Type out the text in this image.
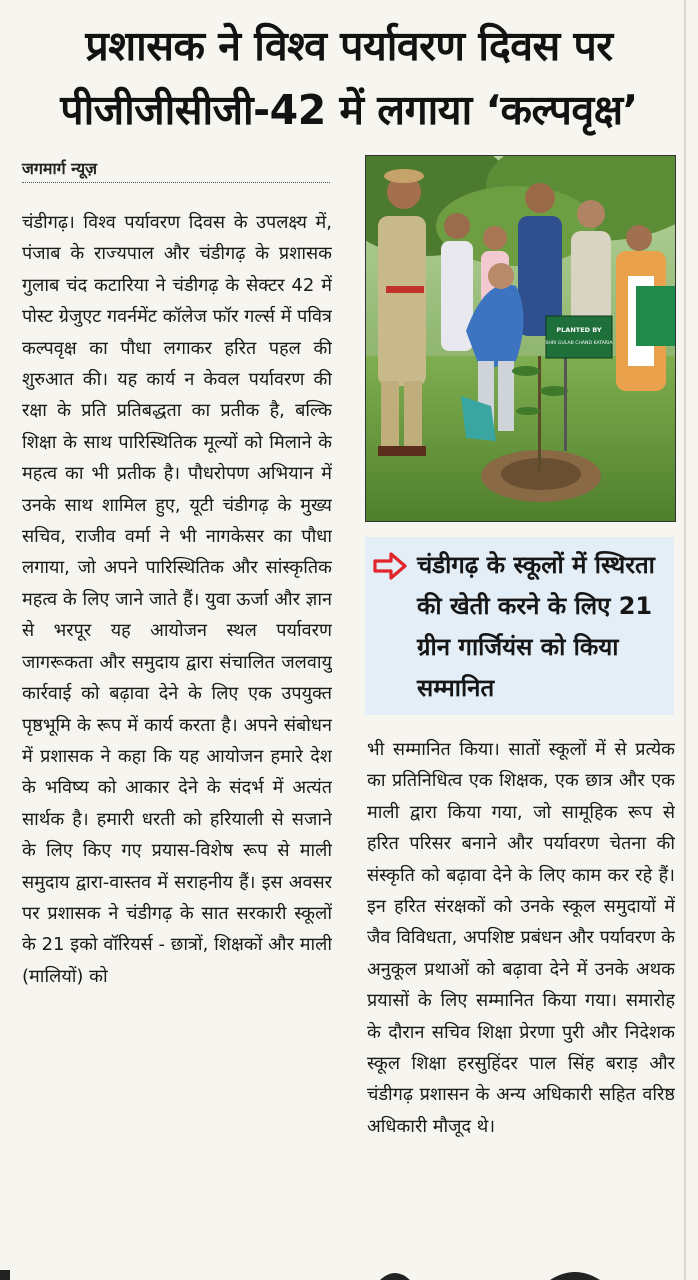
प्रशासक ने विश्व पर्यावरण दिवस पर
पीजीजीसीजी-42 में लगाया ‘कल्पवृक्ष’
जगमार्ग न्यूज़

चंडीगढ़। विश्व पर्यावरण दिवस के उपलक्ष्य में, पंजाब के राज्यपाल और चंडीगढ़ के प्रशासक गुलाब चंद कटारिया ने चंडीगढ़ के सेक्टर 42 में पोस्ट ग्रेजुएट गवर्नमेंट कॉलेज फॉर गर्ल्स में पवित्र कल्पवृक्ष का पौधा लगाकर हरित पहल की शुरुआत की। यह कार्य न केवल पर्यावरण की रक्षा के प्रति प्रतिबद्धता का प्रतीक है, बल्कि शिक्षा के साथ पारिस्थितिक मूल्यों को मिलाने के महत्व का भी प्रतीक है। पौधरोपण अभियान में उनके साथ शामिल हुए, यूटी चंडीगढ़ के मुख्य सचिव, राजीव वर्मा ने भी नागकेसर का पौधा लगाया, जो अपने पारिस्थितिक और सांस्कृतिक महत्व के लिए जाने जाते हैं। युवा ऊर्जा और ज्ञान से भरपूर यह आयोजन स्थल पर्यावरण जागरूकता और समुदाय द्वारा संचालित जलवायु कार्रवाई को बढ़ावा देने के लिए एक उपयुक्त पृष्ठभूमि के रूप में कार्य करता है। अपने संबोधन में प्रशासक ने कहा कि यह आयोजन हमारे देश के भविष्य को आकार देने के संदर्भ में अत्यंत सार्थक है। हमारी धरती को हरियाली से सजाने के लिए किए गए प्रयास-विशेष रूप से माली समुदाय द्वारा-वास्तव में सराहनीय हैं। इस अवसर पर प्रशासक ने चंडीगढ़ के सात सरकारी स्कूलों के 21 इको वॉरियर्स - छात्रों, शिक्षकों और माली (मालियों) को

PLANTED BY
SHRI GULAB CHAND KATARIA
चंडीगढ़ के स्कूलों में स्थिरता की खेती करने के लिए 21 ग्रीन गार्जियंस को किया सम्मानित

भी सम्मानित किया। सातों स्कूलों में से प्रत्येक का प्रतिनिधित्व एक शिक्षक, एक छात्र और एक माली द्वारा किया गया, जो सामूहिक रूप से हरित परिसर बनाने और पर्यावरण चेतना की संस्कृति को बढ़ावा देने के लिए काम कर रहे हैं। इन हरित संरक्षकों को उनके स्कूल समुदायों में जैव विविधता, अपशिष्ट प्रबंधन और पर्यावरण के अनुकूल प्रथाओं को बढ़ावा देने में उनके अथक प्रयासों के लिए सम्मानित किया गया। समारोह के दौरान सचिव शिक्षा प्रेरणा पुरी और निदेशक स्कूल शिक्षा हरसुहिंदर पाल सिंह बराड़ और चंडीगढ़ प्रशासन के अन्य अधिकारी सहित वरिष्ठ अधिकारी मौजूद थे।
